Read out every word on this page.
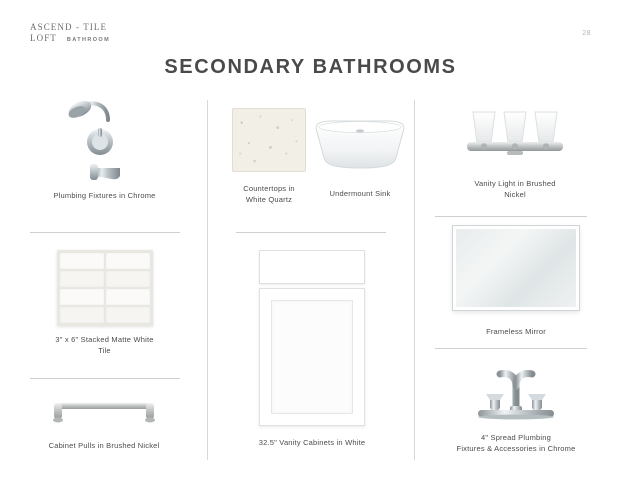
ASCEND - TILE
LOFT BATHROOM
28
SECONDARY BATHROOMS
Plumbing Fixtures in Chrome
3" x 6" Stacked Matte White
Tile
Cabinet Pulls in Brushed Nickel
Countertops in
White Quartz
Undermount Sink
32.5" Vanity Cabinets in White
Vanity Light in Brushed
Nickel
Frameless Mirror
4" Spread Plumbing
Fixtures & Accessories in Chrome
